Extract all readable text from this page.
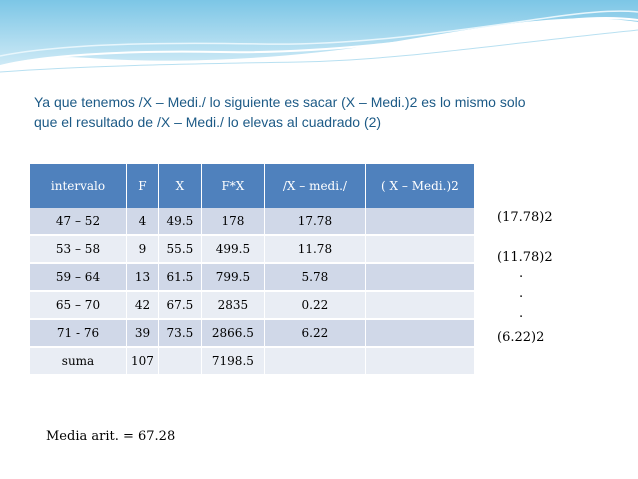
Ya que tenemos /X – Medi./ lo siguiente es sacar (X – Medi.)2 es lo mismo solo

que el resultado de /X – Medi./ lo elevas al cuadrado (2)

intervalo	F	X	F*X	/X – medi./	( X – Medi.)2
47 – 52	4	49.5	178	17.78	
53 – 58	9	55.5	499.5	11.78	
59 – 64	13	61.5	799.5	5.78	
65 – 70	42	67.5	2835	0.22	
71 - 76	39	73.5	2866.5	6.22	
suma	107		7198.5		
(17.78)2
(11.78)2
.
.
.
(6.22)2
Media arit. = 67.28
